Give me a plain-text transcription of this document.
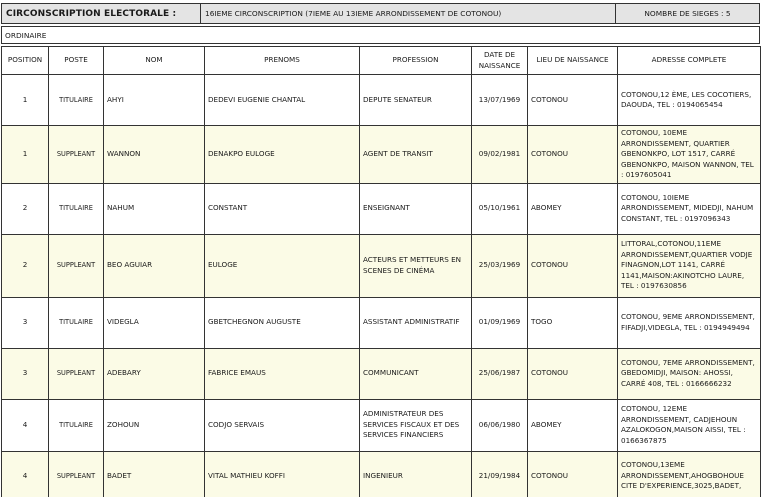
CIRCONSCRIPTION ELECTORALE :	16IEME CIRCONSCRIPTION (7IEME AU 13IEME ARRONDISSEMENT DE COTONOU)	NOMBRE DE SIEGES : 5
ORDINAIRE
POSITION	POSTE	NOM	PRENOMS	PROFESSION	DATE DE NAISSANCE	LIEU DE NAISSANCE	ADRESSE COMPLETE
1	TITULAIRE	AHYI	DEDEVI EUGENIE CHANTAL	DEPUTE SENATEUR	13/07/1969	COTONOU	COTONOU,12 ÈME, LES COCOTIERS, DAOUDA, TEL : 0194065454
1	SUPPLEANT	WANNON	DENAKPO EULOGE	AGENT DE TRANSIT	09/02/1981	COTONOU	COTONOU, 10EME ARRONDISSEMENT, QUARTIER GBENONKPO, LOT 1517, CARRÉ GBENONKPO, MAISON WANNON, TEL : 0197605041
2	TITULAIRE	NAHUM	CONSTANT	ENSEIGNANT	05/10/1961	ABOMEY	COTONOU, 10IEME ARRONDISSEMENT, MIDEDJI, NAHUM CONSTANT, TEL : 0197096343
2	SUPPLEANT	BEO AGUIAR	EULOGE	ACTEURS ET METTEURS EN SCENES DE CINÉMA	25/03/1969	COTONOU	LITTORAL,COTONOU,11EME ARRONDISSEMENT,QUARTIER VODJE FINAGNON,LOT 1141, CARRÉ 1141,MAISON:AKINOTCHO LAURE, TEL : 0197630856
3	TITULAIRE	VIDEGLA	GBETCHEGNON AUGUSTE	ASSISTANT ADMINISTRATIF	01/09/1969	TOGO	COTONOU, 9EME ARRONDISSEMENT, FIFADJI,VIDEGLA, TEL : 0194949494
3	SUPPLEANT	ADEBARY	FABRICE EMAUS	COMMUNICANT	25/06/1987	COTONOU	COTONOU, 7EME ARRONDISSEMENT, GBEDOMIDJI, MAISON: AHOSSI, CARRÉ 408, TEL : 0166666232
4	TITULAIRE	ZOHOUN	CODJO SERVAIS	ADMINISTRATEUR DES SERVICES FISCAUX ET DES SERVICES FINANCIERS	06/06/1980	ABOMEY	COTONOU, 12EME ARRONDISSEMENT, CADJEHOUN AZALOKOGON,MAISON AISSI, TEL : 0166367875
4	SUPPLEANT	BADET	VITAL MATHIEU KOFFI	INGENIEUR	21/09/1984	COTONOU	COTONOU,13EME ARRONDISSEMENT,AHOGBOHOUE CITE D'EXPERIENCE,3025,BADET,
